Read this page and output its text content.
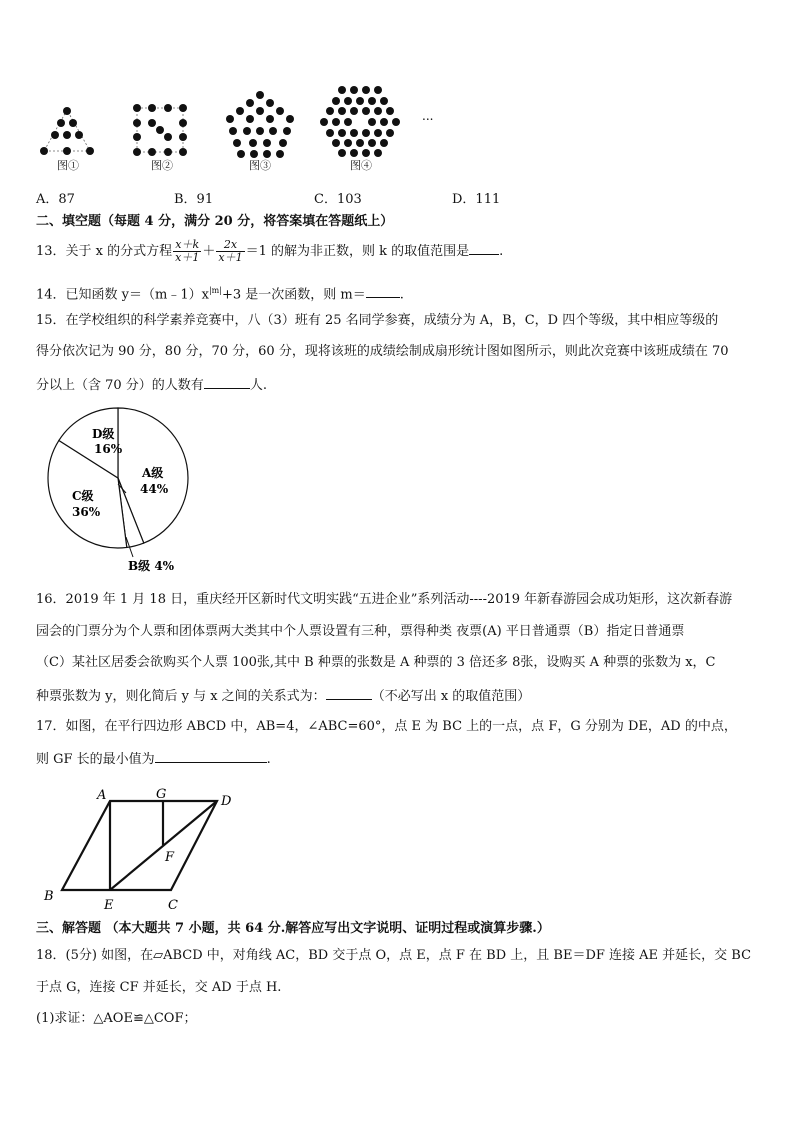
图①	图②	图③	图④
...
A．87	B．91	C．103	D．111
二、填空题（每题 4 分，满分 20 分，将答案填在答题纸上）
13．关于 x 的分式方程 $\frac{x+k}{x+1} + \frac{2x}{x+1} =1$ 的解为非正数，则 k 的取值范围是 .
14．已知函数 $y=(m﹣1)x^{|m|}+3$ 是一次函数，则 m＝	.
15．在学校组织的科学素养竞赛中，八（3）班有 25 名同学参赛，成绩分为 A，B，C，D 四个等级，其中相应等级的
得分依次记为 90 分，80 分，70 分，60 分，现将该班的成绩绘制成扇形统计图如图所示，则此次竞赛中该班成绩在 70
分以上（含 70 分）的人数有	人.
D级
16%
A级
44%
C级
36%
B级 4%
16．2019 年 1 月 18 日，重庆经开区新时代文明实践“五进企业”系列活动----2019 年新春游园会成功矩形，这次新春游
园会的门票分为个人票和团体票两大类其中个人票设置有三种，票得种类 夜票(A) 平日普通票（B）指定日普通票
（C）某社区居委会欲购买个人票 100张,其中 B 种票的张数是 A 种票的 3 倍还多 8张，设购买 A 种票的张数为 x，C
种票张数为 y，则化简后 y 与 x 之间的关系式为：	（不必写出 x 的取值范围）
17．如图，在平行四边形 ABCD 中，AB=4，∠ABC=60°，点 E 为 BC 上的一点，点 F，G 分别为 DE，AD 的中点，
则 GF 长的最小值为	.
A	G	D
F
B
E	C
三、解答题 （本大题共 7 小题，共 64 分.解答应写出文字说明、证明过程或演算步骤.）
18．(5分) 如图，在▱ABCD 中，对角线 AC，BD 交于点 O，点 E，点 F 在 BD 上，且 BE＝DF 连接 AE 并延长，交 BC
于点 G，连接 CF 并延长，交 AD 于点 H.
(1)求证：△AOE≌△COF；
